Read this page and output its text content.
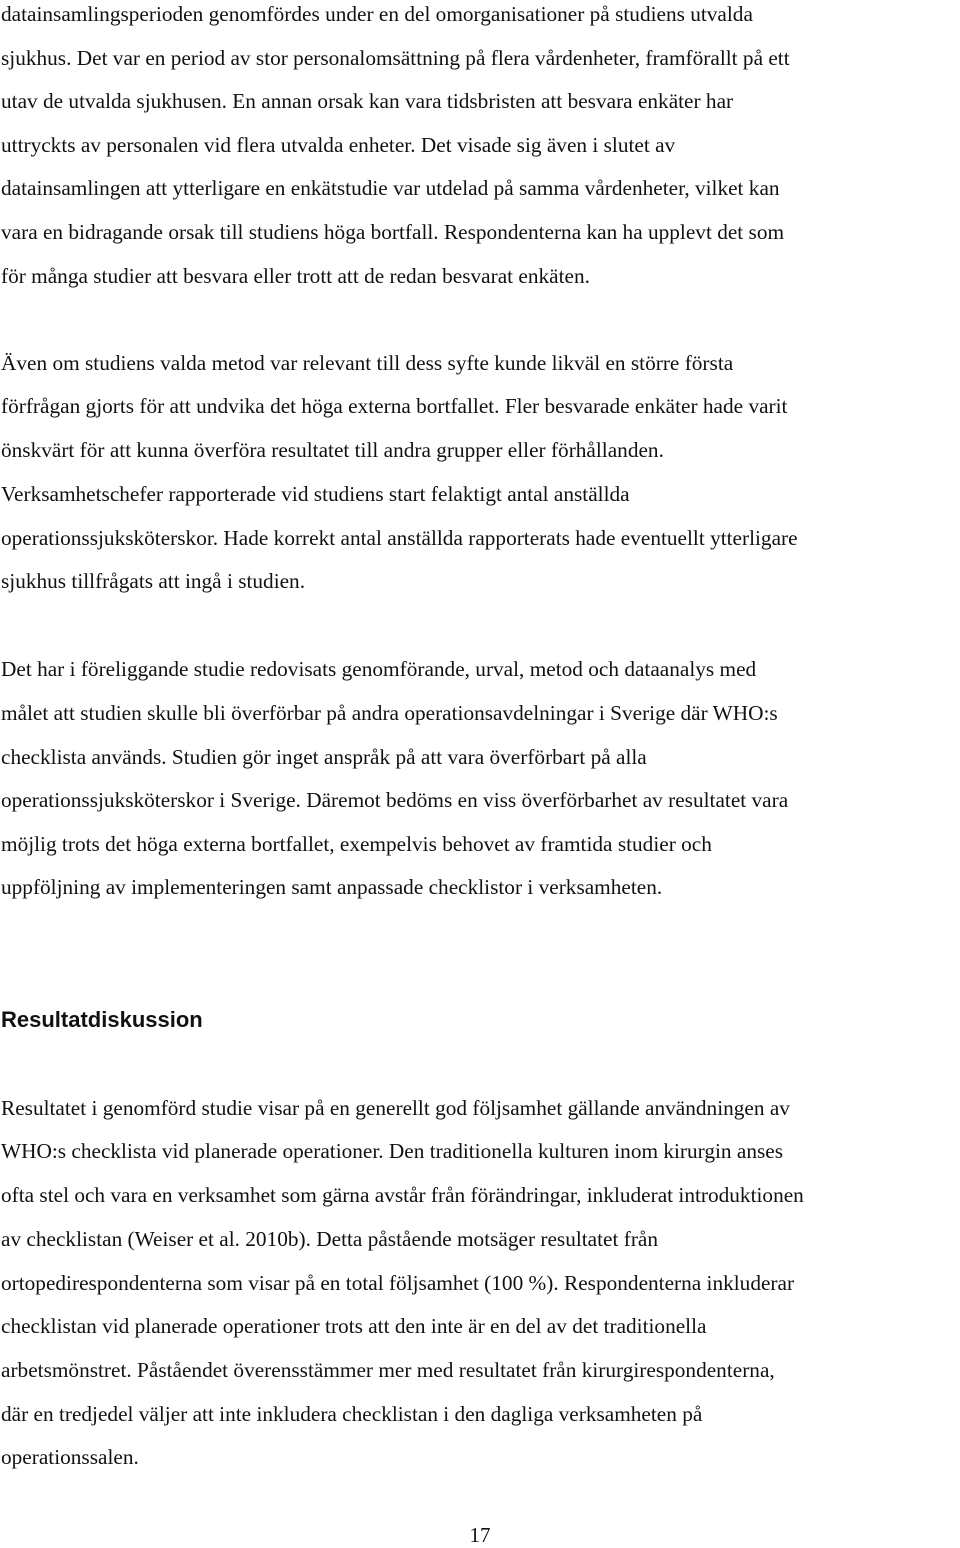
datainsamlingsperioden genomfördes under en del omorganisationer på studiens utvalda
sjukhus. Det var en period av stor personalomsättning på flera vårdenheter, framförallt på ett
utav de utvalda sjukhusen. En annan orsak kan vara tidsbristen att besvara enkäter har
uttryckts av personalen vid flera utvalda enheter. Det visade sig även i slutet av
datainsamlingen att ytterligare en enkätstudie var utdelad på samma vårdenheter, vilket kan
vara en bidragande orsak till studiens höga bortfall. Respondenterna kan ha upplevt det som
för många studier att besvara eller trott att de redan besvarat enkäten.
Även om studiens valda metod var relevant till dess syfte kunde likväl en större första
förfrågan gjorts för att undvika det höga externa bortfallet. Fler besvarade enkäter hade varit
önskvärt för att kunna överföra resultatet till andra grupper eller förhållanden.
Verksamhetschefer rapporterade vid studiens start felaktigt antal anställda
operationssjuksköterskor. Hade korrekt antal anställda rapporterats hade eventuellt ytterligare
sjukhus tillfrågats att ingå i studien.
Det har i föreliggande studie redovisats genomförande, urval, metod och dataanalys med
målet att studien skulle bli överförbar på andra operationsavdelningar i Sverige där WHO:s
checklista används. Studien gör inget anspråk på att vara överförbart på alla
operationssjuksköterskor i Sverige. Däremot bedöms en viss överförbarhet av resultatet vara
möjlig trots det höga externa bortfallet, exempelvis behovet av framtida studier och
uppföljning av implementeringen samt anpassade checklistor i verksamheten.
Resultatdiskussion
Resultatet i genomförd studie visar på en generellt god följsamhet gällande användningen av
WHO:s checklista vid planerade operationer. Den traditionella kulturen inom kirurgin anses
ofta stel och vara en verksamhet som gärna avstår från förändringar, inkluderat introduktionen
av checklistan (Weiser et al. 2010b). Detta påstående motsäger resultatet från
ortopedirespondenterna som visar på en total följsamhet (100 %). Respondenterna inkluderar
checklistan vid planerade operationer trots att den inte är en del av det traditionella
arbetsmönstret. Påståendet överensstämmer mer med resultatet från kirurgirespondenterna,
där en tredjedel väljer att inte inkludera checklistan i den dagliga verksamheten på
operationssalen.
17
